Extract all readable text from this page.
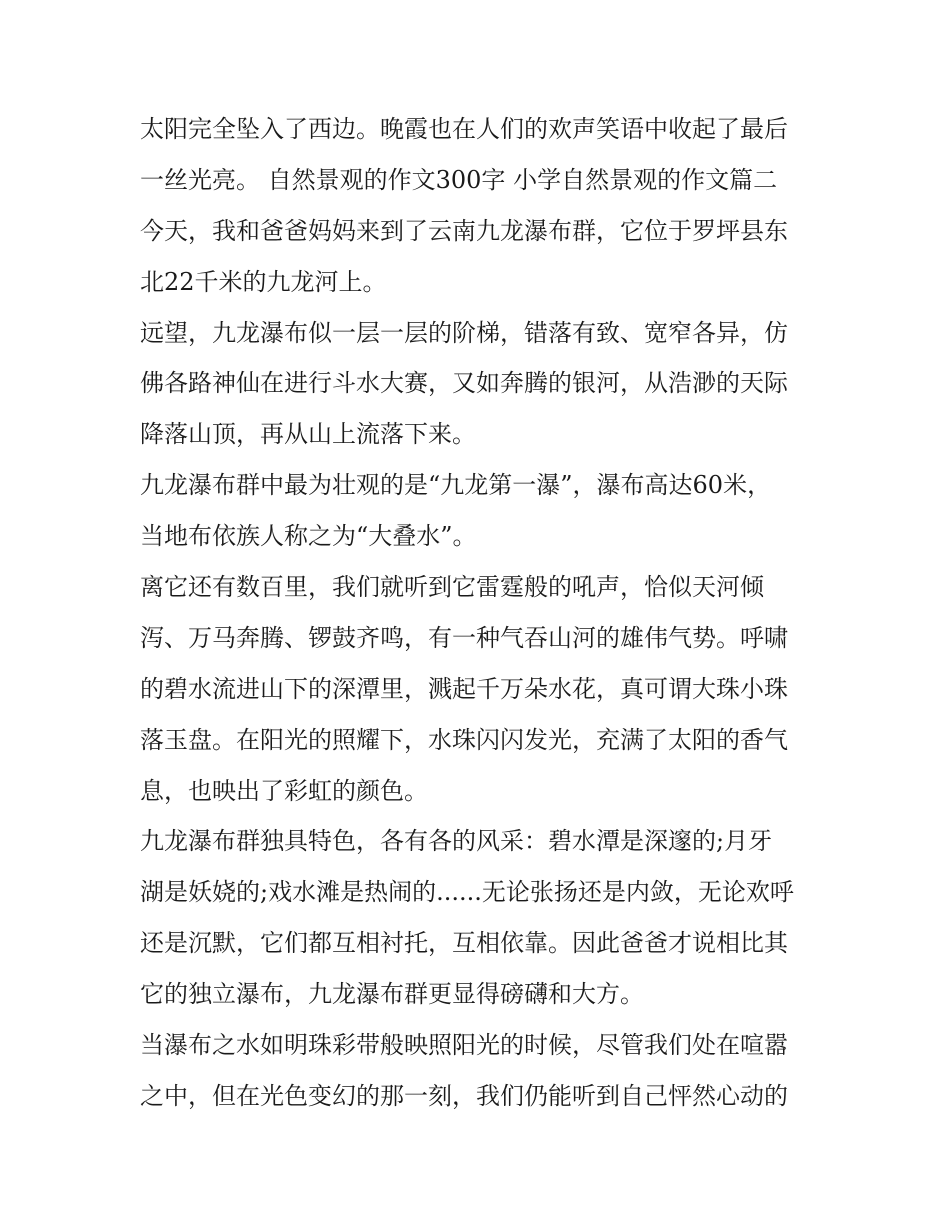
太阳完全坠入了西边。晚霞也在人们的欢声笑语中收起了最后
一丝光亮。 自然景观的作文300字 小学自然景观的作文篇二
今天，我和爸爸妈妈来到了云南九龙瀑布群，它位于罗坪县东
北22千米的九龙河上。
远望，九龙瀑布似一层一层的阶梯，错落有致、宽窄各异，仿
佛各路神仙在进行斗水大赛，又如奔腾的银河，从浩渺的天际
降落山顶，再从山上流落下来。
九龙瀑布群中最为壮观的是“九龙第一瀑”，瀑布高达60米，
当地布依族人称之为“大叠水”。
离它还有数百里，我们就听到它雷霆般的吼声，恰似天河倾
泻、万马奔腾、锣鼓齐鸣，有一种气吞山河的雄伟气势。呼啸
的碧水流进山下的深潭里，溅起千万朵水花，真可谓大珠小珠
落玉盘。在阳光的照耀下，水珠闪闪发光，充满了太阳的香气
息，也映出了彩虹的颜色。
九龙瀑布群独具特色，各有各的风采：碧水潭是深邃的;月牙
湖是妖娆的;戏水滩是热闹的......无论张扬还是内敛，无论欢呼
还是沉默，它们都互相衬托，互相依靠。因此爸爸才说相比其
它的独立瀑布，九龙瀑布群更显得磅礴和大方。
当瀑布之水如明珠彩带般映照阳光的时候，尽管我们处在喧嚣
之中，但在光色变幻的那一刻，我们仍能听到自己怦然心动的
